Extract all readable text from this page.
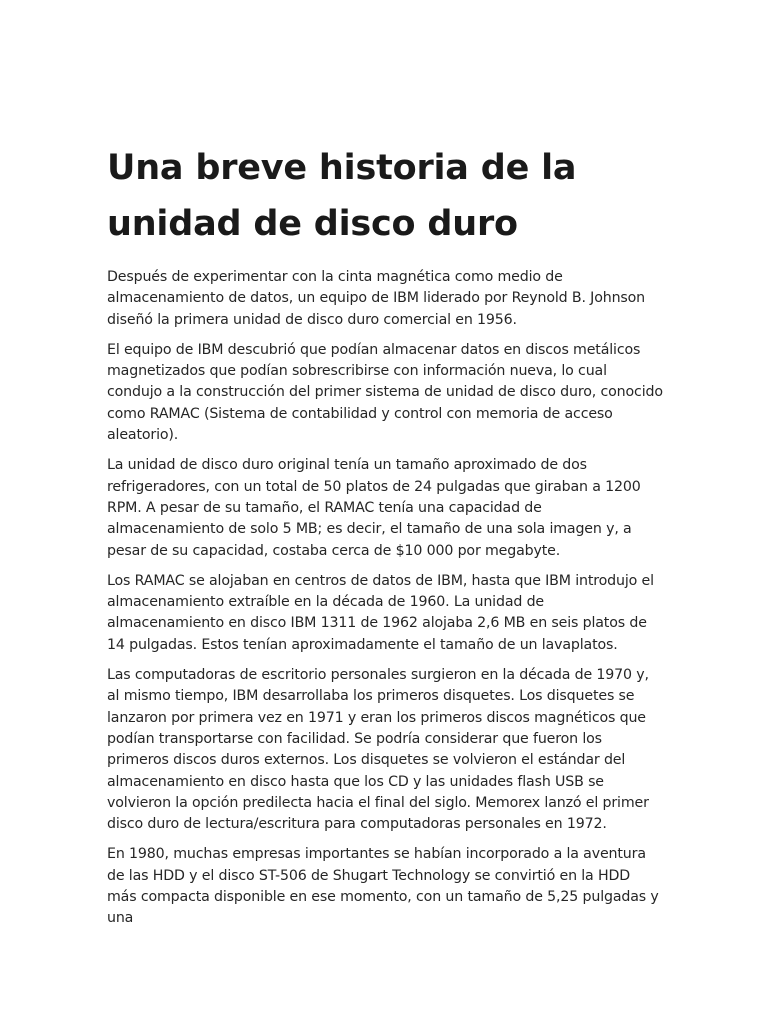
Una breve historia de la unidad de disco duro

Después de experimentar con la cinta magnética como medio de almacenamiento de datos, un equipo de IBM liderado por Reynold B. Johnson diseñó la primera unidad de disco duro comercial en 1956.

El equipo de IBM descubrió que podían almacenar datos en discos metálicos magnetizados que podían sobrescribirse con información nueva, lo cual condujo a la construcción del primer sistema de unidad de disco duro, conocido como RAMAC (Sistema de contabilidad y control con memoria de acceso aleatorio).

La unidad de disco duro original tenía un tamaño aproximado de dos refrigeradores, con un total de 50 platos de 24 pulgadas que giraban a 1200 RPM. A pesar de su tamaño, el RAMAC tenía una capacidad de almacenamiento de solo 5 MB; es decir, el tamaño de una sola imagen y, a pesar de su capacidad, costaba cerca de $10 000 por megabyte.

Los RAMAC se alojaban en centros de datos de IBM, hasta que IBM introdujo el almacenamiento extraíble en la década de 1960. La unidad de almacenamiento en disco IBM 1311 de 1962 alojaba 2,6 MB en seis platos de 14 pulgadas. Estos tenían aproximadamente el tamaño de un lavaplatos.

Las computadoras de escritorio personales surgieron en la década de 1970 y, al mismo tiempo, IBM desarrollaba los primeros disquetes. Los disquetes se lanzaron por primera vez en 1971 y eran los primeros discos magnéticos que podían transportarse con facilidad. Se podría considerar que fueron los primeros discos duros externos. Los disquetes se volvieron el estándar del almacenamiento en disco hasta que los CD y las unidades flash USB se volvieron la opción predilecta hacia el final del siglo. Memorex lanzó el primer disco duro de lectura/escritura para computadoras personales en 1972.

En 1980, muchas empresas importantes se habían incorporado a la aventura de las HDD y el disco ST-506 de Shugart Technology se convirtió en la HDD más compacta disponible en ese momento, con un tamaño de 5,25 pulgadas y una
